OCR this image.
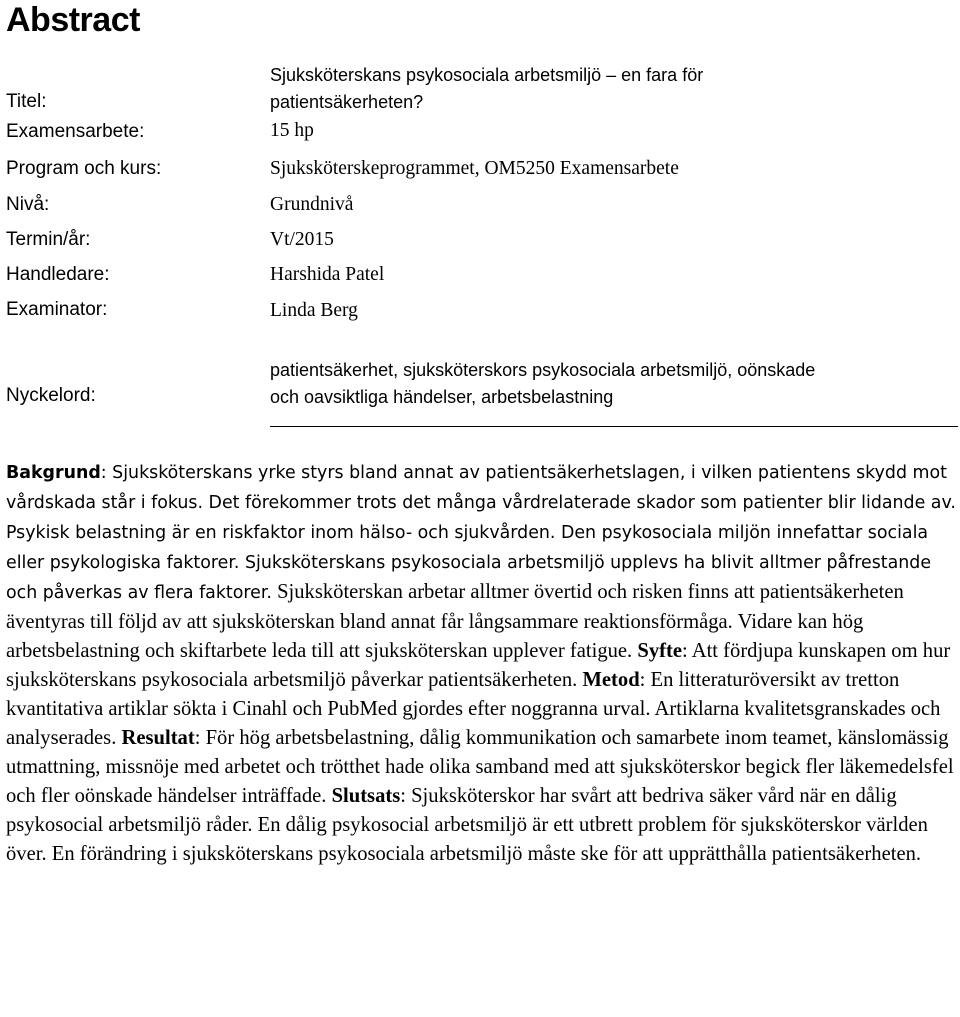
Abstract
Titel:
Sjuksköterskans psykosociala arbetsmiljö – en fara för patientsäkerheten?
Examensarbete:	15 hp
Program och kurs:	Sjuksköterskeprogrammet, OM5250 Examensarbete
Nivå:	Grundnivå
Termin/år:	Vt/2015
Handledare:	Harshida Patel
Examinator:	Linda Berg
Nyckelord:
patientsäkerhet, sjuksköterskors psykosociala arbetsmiljö, oönskade och oavsiktliga händelser, arbetsbelastning

Bakgrund: Sjuksköterskans yrke styrs bland annat av patientsäkerhetslagen, i vilken patientens skydd mot vårdskada står i fokus. Det förekommer trots det många vårdrelaterade skador som patienter blir lidande av. Psykisk belastning är en riskfaktor inom hälso- och sjukvården. Den psykosociala miljön innefattar sociala eller psykologiska faktorer. Sjuksköterskans psykosociala arbetsmiljö upplevs ha blivit alltmer påfrestande och påverkas av flera faktorer. Sjuksköterskan arbetar alltmer övertid och risken finns att patientsäkerheten äventyras till följd av att sjuksköterskan bland annat får långsammare reaktionsförmåga. Vidare kan hög arbetsbelastning och skiftarbete leda till att sjuksköterskan upplever fatigue. Syfte: Att fördjupa kunskapen om hur sjuksköterskans psykosociala arbetsmiljö påverkar patientsäkerheten. Metod: En litteraturöversikt av tretton kvantitativa artiklar sökta i Cinahl och PubMed gjordes efter noggranna urval. Artiklarna kvalitetsgranskades och analyserades. Resultat: För hög arbetsbelastning, dålig kommunikation och samarbete inom teamet, känslomässig utmattning, missnöje med arbetet och trötthet hade olika samband med att sjuksköterskor begick fler läkemedelsfel och fler oönskade händelser inträffade. Slutsats: Sjuksköterskor har svårt att bedriva säker vård när en dålig psykosocial arbetsmiljö råder. En dålig psykosocial arbetsmiljö är ett utbrett problem för sjuksköterskor världen över. En förändring i sjuksköterskans psykosociala arbetsmiljö måste ske för att upprätthålla patientsäkerheten.
